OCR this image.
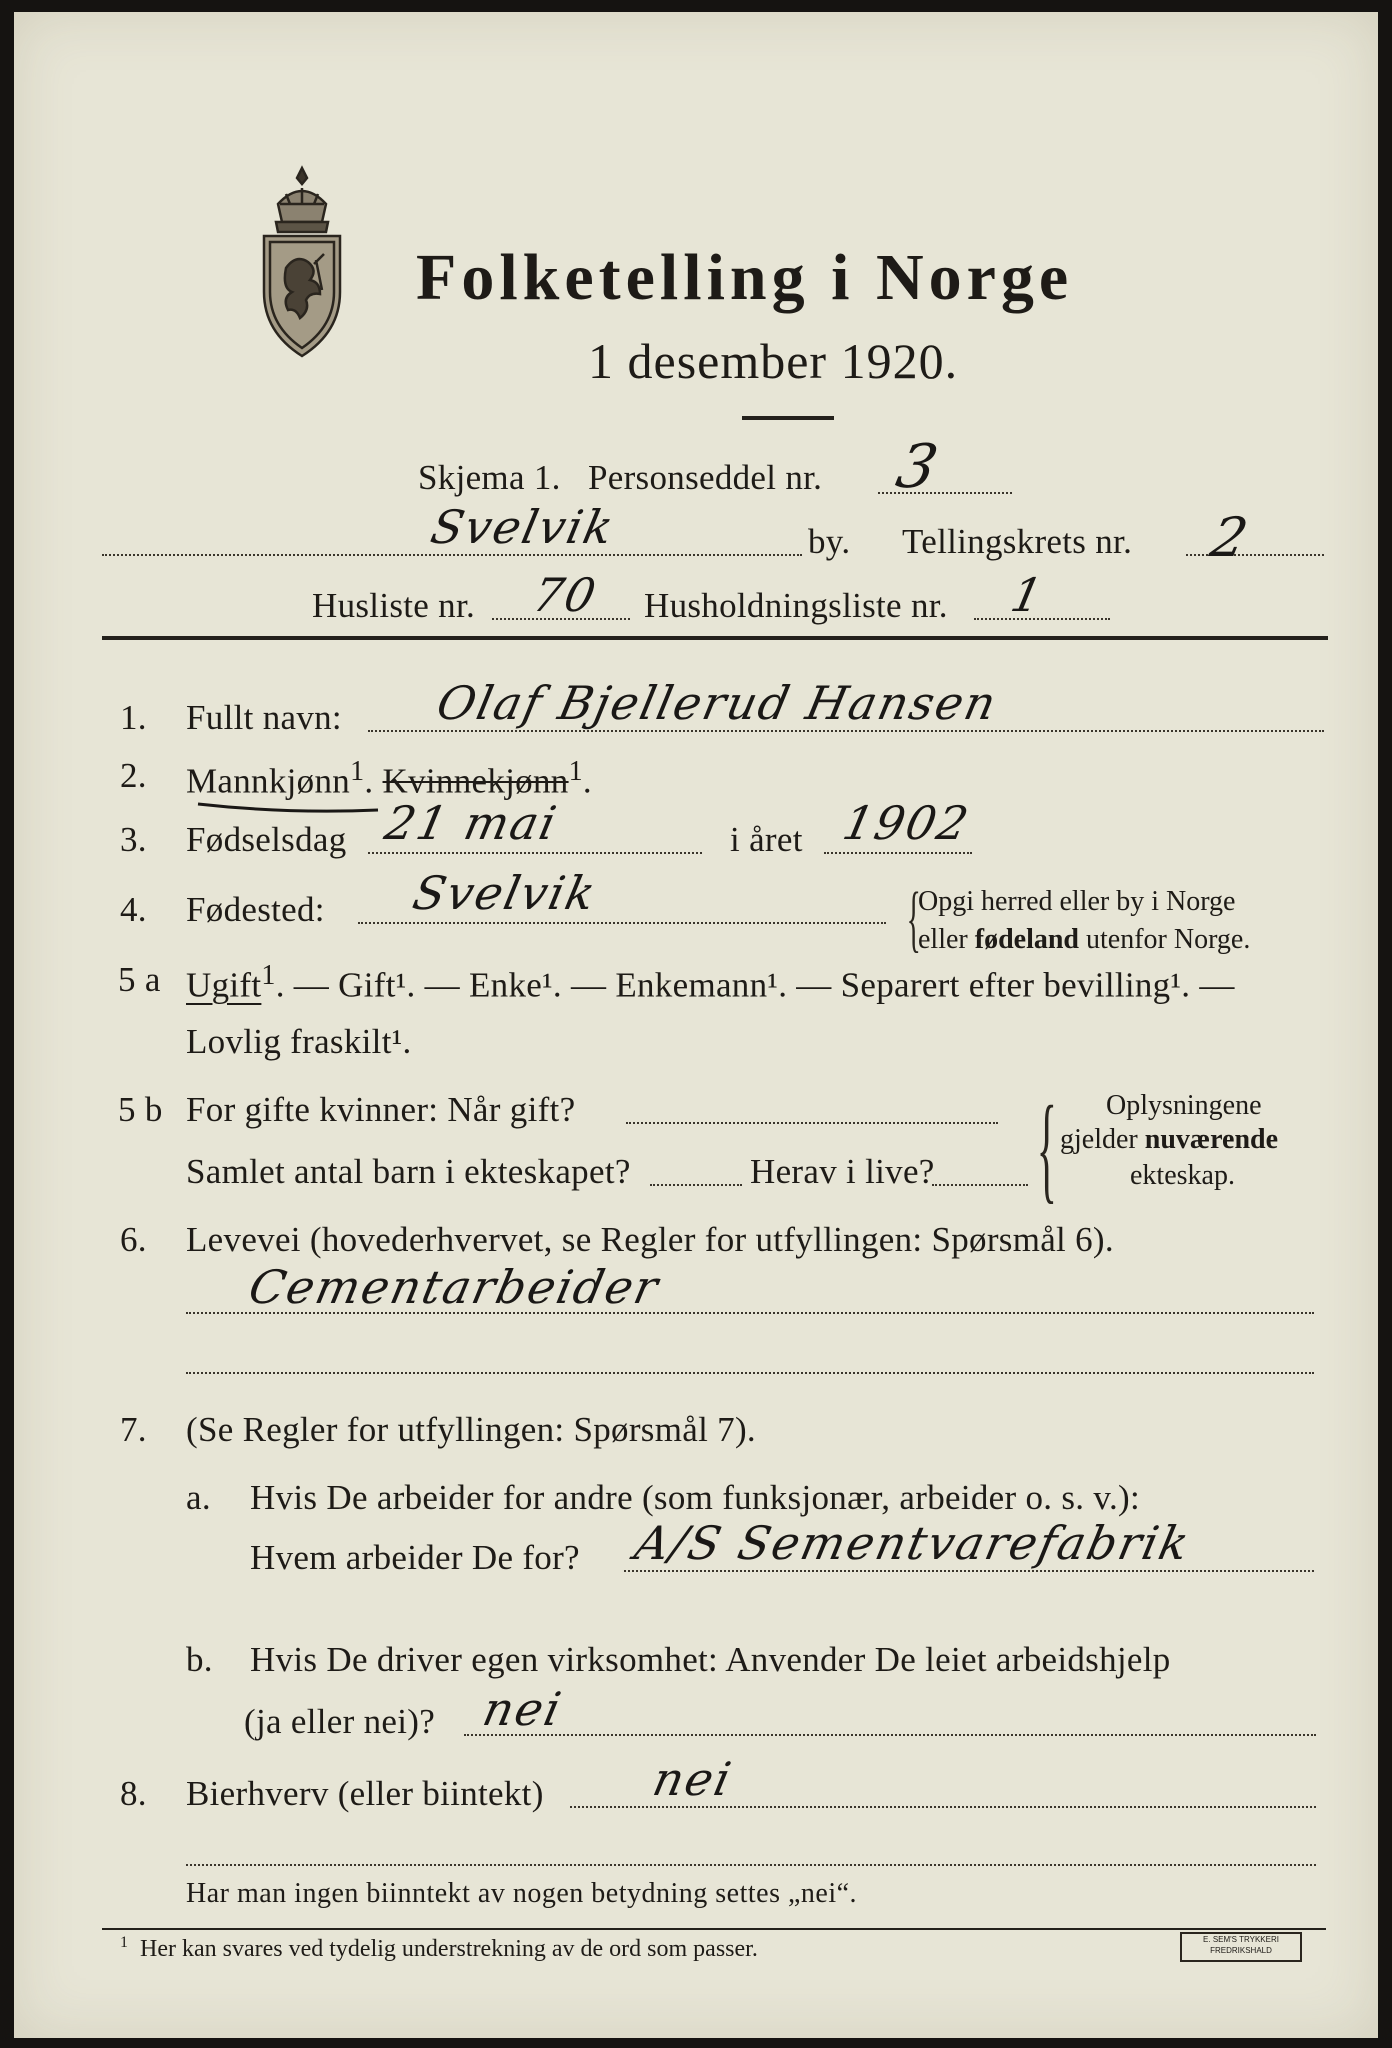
Folketelling i Norge
1 desember 1920.
Skjema 1. Personseddel nr. 3
Svelvik	by. Tellingskrets nr. 2
Husliste nr. 70 Husholdningsliste nr. 1
1. Fullt navn: Olaf Bjellerud Hansen
2. Mannkjønn$^1$. Kvinnekjønn$^1$.
3. Fødselsdag 21 mai	i året 1902
4. Fødested: Svelvik	{
Opgi herred eller by i Norge
eller fødeland utenfor Norge.
5 a Ugift$^1$. — Gift¹. — Enke¹. — Enkemann¹. — Separert efter bevilling¹. —
Lovlig fraskilt¹.
5 b For gifte kvinner: Når gift?
Samlet antal barn i ekteskapet?	Herav i live? { Oplysningene
gjelder nuværende
ekteskap.
6. Levevei (hovederhvervet, se Regler for utfyllingen: Spørsmål 6).
Cementarbeider
7. (Se Regler for utfyllingen: Spørsmål 7).
a. Hvis De arbeider for andre (som funksjonær, arbeider o. s. v.):
Hvem arbeider De for? A/S Sementvarefabrik
b. Hvis De driver egen virksomhet: Anvender De leiet arbeidshjelp
(ja eller nei)? nei
8. Bierhverv (eller biintekt) nei
Har man ingen biinntekt av nogen betydning settes „nei“.
$^1$ Her kan svares ved tydelig understrekning av de ord som passer.	E. SEM'S TRYKKERI
FREDRIKSHALD
